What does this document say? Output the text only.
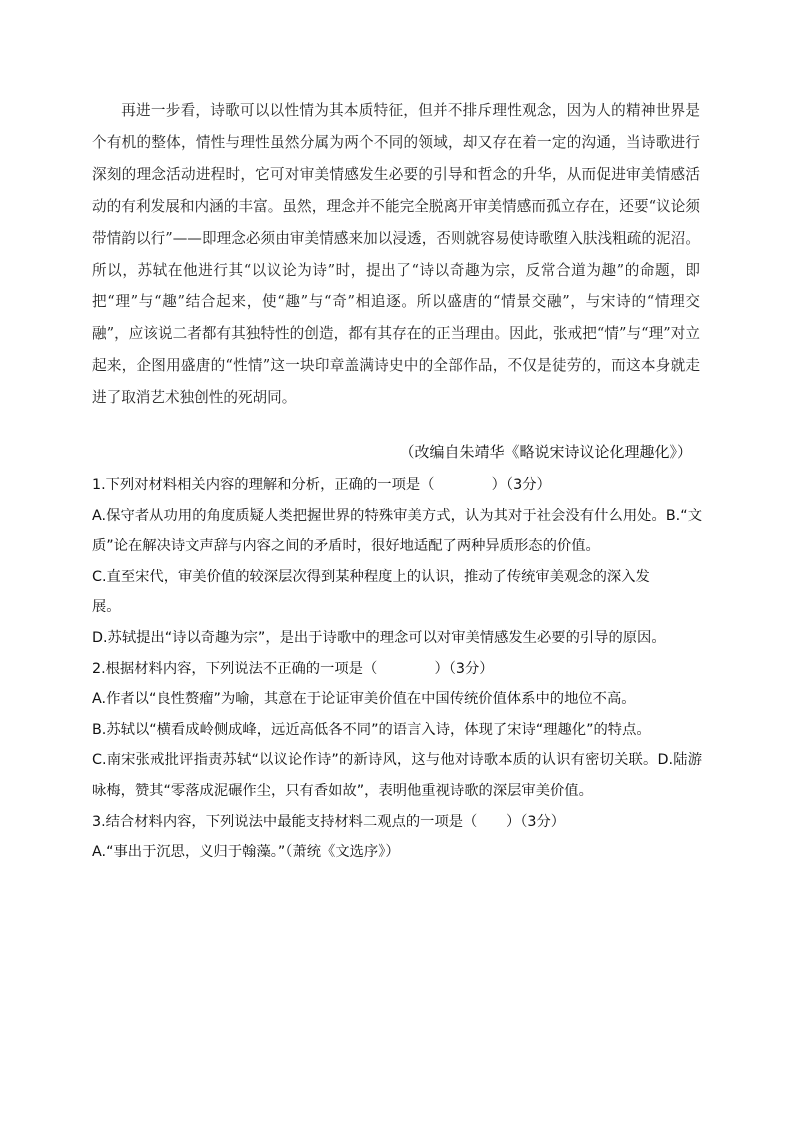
再进一步看，诗歌可以以性情为其本质特征，但并不排斥理性观念，因为人的精神世界是个有机的整体，情性与理性虽然分属为两个不同的领域，却又存在着一定的沟通，当诗歌进行深刻的理念活动进程时，它可对审美情感发生必要的引导和哲念的升华，从而促进审美情感活动的有利发展和内涵的丰富。虽然，理念并不能完全脱离开审美情感而孤立存在，还要“议论须带情韵以行”——即理念必须由审美情感来加以浸透，否则就容易使诗歌堕入肤浅粗疏的泥沼。所以，苏轼在他进行其“以议论为诗”时，提出了“诗以奇趣为宗，反常合道为趣”的命题，即把“理”与“趣”结合起来，使“趣”与“奇”相追逐。所以盛唐的“情景交融”，与宋诗的“情理交融”，应该说二者都有其独特性的创造，都有其存在的正当理由。因此，张戒把“情”与“理”对立起来，企图用盛唐的“性情”这一块印章盖满诗史中的全部作品，不仅是徒劳的，而这本身就走进了取消艺术独创性的死胡同。

（改编自朱靖华《略说宋诗议论化理趣化》）

1.下列对材料相关内容的理解和分析，正确的一项是（　　　　）（3分）

A.保守者从功用的角度质疑人类把握世界的特殊审美方式，认为其对于社会没有什么用处。B.“文质”论在解决诗文声辞与内容之间的矛盾时，很好地适配了两种异质形态的价值。

C.直至宋代，审美价值的较深层次得到某种程度上的认识，推动了传统审美观念的深入发

展。

D.苏轼提出“诗以奇趣为宗”，是出于诗歌中的理念可以对审美情感发生必要的引导的原因。

2.根据材料内容，下列说法不正确的一项是（　　　　）（3分）

A.作者以“良性赘瘤”为喻，其意在于论证审美价值在中国传统价值体系中的地位不高。

B.苏轼以“横看成岭侧成峰，远近高低各不同”的语言入诗，体现了宋诗“理趣化”的特点。

C.南宋张戒批评指责苏轼“以议论作诗”的新诗风，这与他对诗歌本质的认识有密切关联。D.陆游咏梅，赞其“零落成泥碾作尘，只有香如故”，表明他重视诗歌的深层审美价值。

3.结合材料内容，下列说法中最能支持材料二观点的一项是（　　）（3分）

A.“事出于沉思，义归于翰藻。”（萧统《文选序》）
